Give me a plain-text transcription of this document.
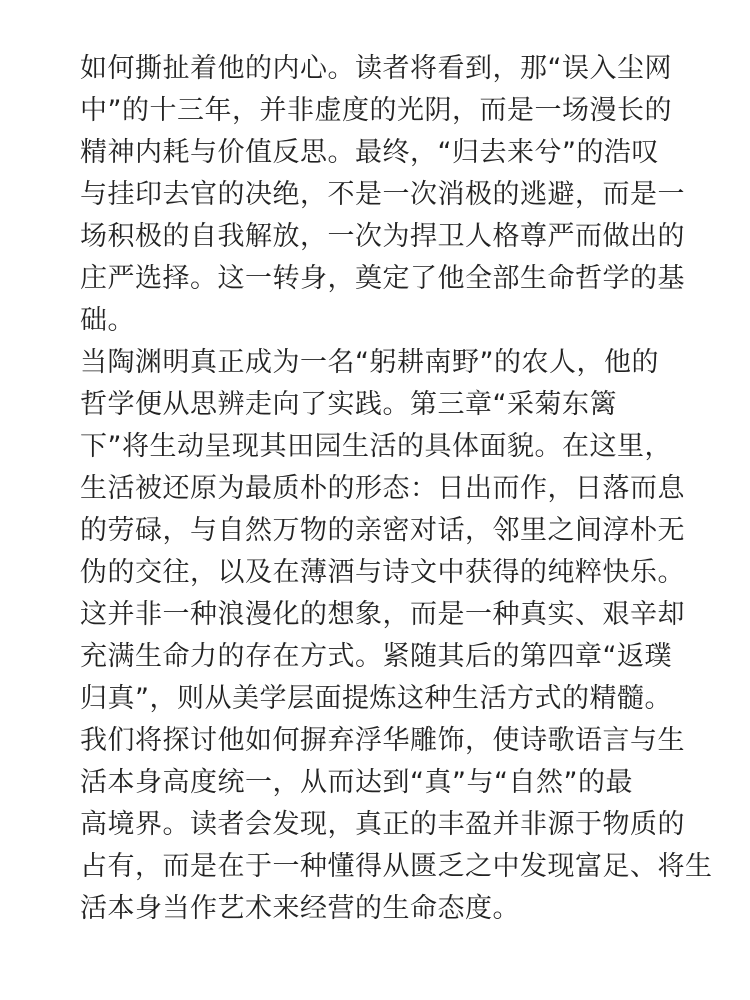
如何撕扯着他的内心。读者将看到，那“误入尘网
中”的十三年，并非虚度的光阴，而是一场漫长的
精神内耗与价值反思。最终，“归去来兮”的浩叹
与挂印去官的决绝，不是一次消极的逃避，而是一
场积极的自我解放，一次为捍卫人格尊严而做出的
庄严选择。这一转身，奠定了他全部生命哲学的基
础。

当陶渊明真正成为一名“躬耕南野”的农人，他的
哲学便从思辨走向了实践。第三章“采菊东篱
下”将生动呈现其田园生活的具体面貌。在这里，
生活被还原为最质朴的形态：日出而作，日落而息
的劳碌，与自然万物的亲密对话，邻里之间淳朴无
伪的交往，以及在薄酒与诗文中获得的纯粹快乐。
这并非一种浪漫化的想象，而是一种真实、艰辛却
充满生命力的存在方式。紧随其后的第四章“返璞
归真”，则从美学层面提炼这种生活方式的精髓。
我们将探讨他如何摒弃浮华雕饰，使诗歌语言与生
活本身高度统一，从而达到“真”与“自然”的最
高境界。读者会发现，真正的丰盈并非源于物质的
占有，而是在于一种懂得从匮乏之中发现富足、将生
活本身当作艺术来经营的生命态度。
